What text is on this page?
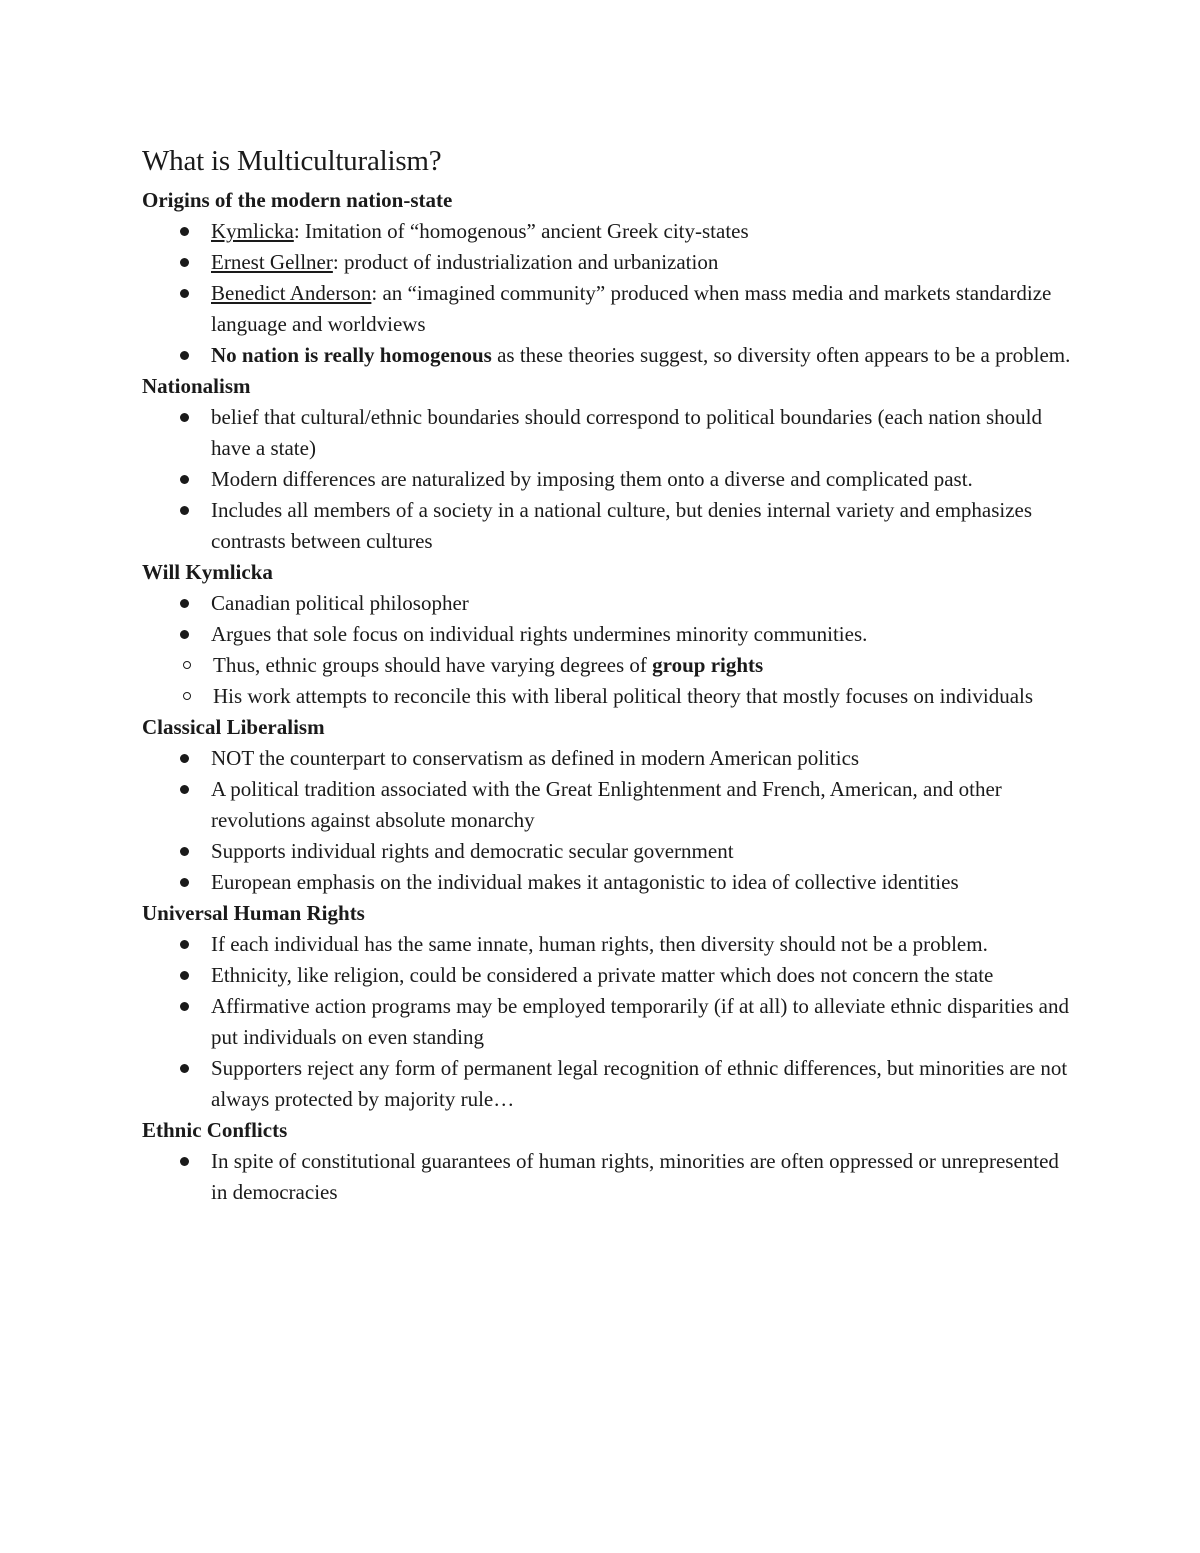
What is Multiculturalism?
Origins of the modern nation-state
Kymlicka: Imitation of “homogenous” ancient Greek city-states
Ernest Gellner: product of industrialization and urbanization
Benedict Anderson: an “imagined community” produced when mass media and markets standardize language and worldviews
No nation is really homogenous as these theories suggest, so diversity often appears to be a problem.
Nationalism
belief that cultural/ethnic boundaries should correspond to political boundaries (each nation should have a state)
Modern differences are naturalized by imposing them onto a diverse and complicated past.
Includes all members of a society in a national culture, but denies internal variety and emphasizes contrasts between cultures
Will Kymlicka
Canadian political philosopher
Argues that sole focus on individual rights undermines minority communities.
Thus, ethnic groups should have varying degrees of group rights
His work attempts to reconcile this with liberal political theory that mostly focuses on individuals
Classical Liberalism
NOT the counterpart to conservatism as defined in modern American politics
A political tradition associated with the Great Enlightenment and French, American, and other revolutions against absolute monarchy
Supports individual rights and democratic secular government
European emphasis on the individual makes it antagonistic to idea of collective identities
Universal Human Rights
If each individual has the same innate, human rights, then diversity should not be a problem.
Ethnicity, like religion, could be considered a private matter which does not concern the state
Affirmative action programs may be employed temporarily (if at all) to alleviate ethnic disparities and put individuals on even standing
Supporters reject any form of permanent legal recognition of ethnic differences, but minorities are not always protected by majority rule…
Ethnic Conflicts
In spite of constitutional guarantees of human rights, minorities are often oppressed or unrepresented in democracies
